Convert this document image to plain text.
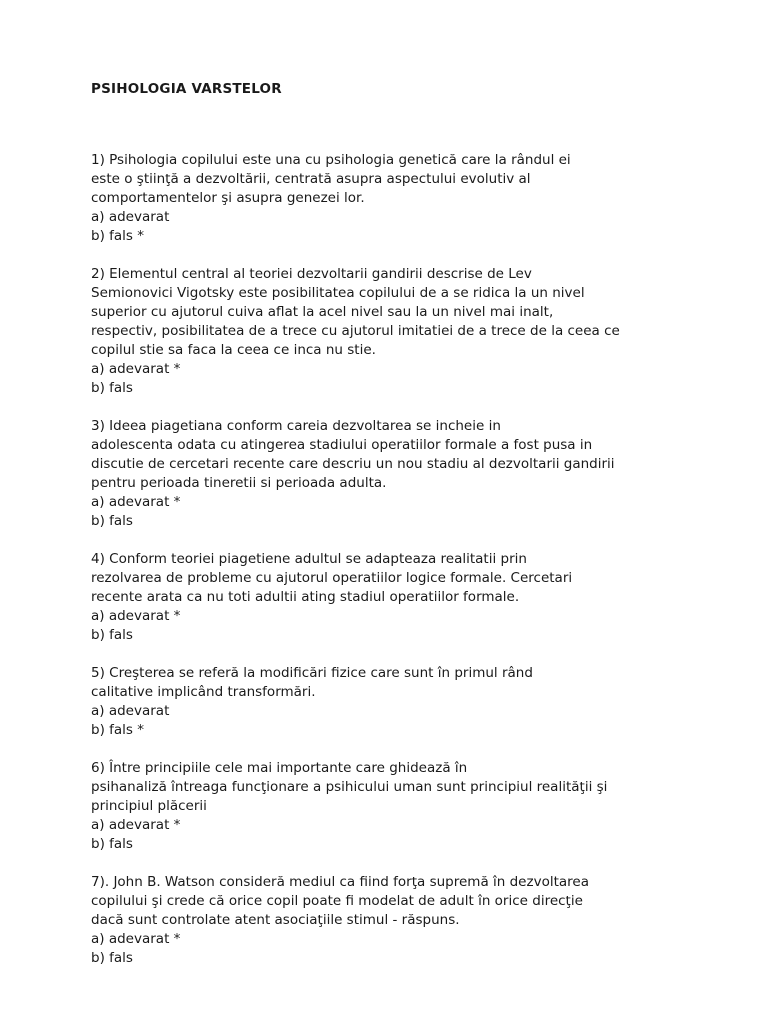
PSIHOLOGIA VARSTELOR
1) Psihologia copilului este una cu psihologia genetică care la rândul ei
este o ştiinţă a dezvoltării, centrată asupra aspectului evolutiv al
comportamentelor şi asupra genezei lor.
a) adevarat
b) fals *
2) Elementul central al teoriei dezvoltarii gandirii descrise de Lev
Semionovici Vigotsky este posibilitatea copilului de a se ridica la un nivel
superior cu ajutorul cuiva aflat la acel nivel sau la un nivel mai inalt,
respectiv, posibilitatea de a trece cu ajutorul imitatiei de a trece de la ceea ce
copilul stie sa faca la ceea ce inca nu stie.
a) adevarat *
b) fals
3) Ideea piagetiana conform careia dezvoltarea se incheie in
adolescenta odata cu atingerea stadiului operatiilor formale a fost pusa in
discutie de cercetari recente care descriu un nou stadiu al dezvoltarii gandirii
pentru perioada tineretii si perioada adulta.
a) adevarat *
b) fals
4) Conform teoriei piagetiene adultul se adapteaza realitatii prin
rezolvarea de probleme cu ajutorul operatiilor logice formale. Cercetari
recente arata ca nu toti adultii ating stadiul operatiilor formale.
a) adevarat *
b) fals
5) Creşterea se referă la modificări fizice care sunt în primul rând
calitative implicând transformări.
a) adevarat
b) fals *
6) Între principiile cele mai importante care ghidează în
psihanaliză întreaga funcţionare a psihicului uman sunt principiul realităţii şi
principiul plăcerii
a) adevarat *
b) fals
7). John B. Watson consideră mediul ca fiind forţa supremă în dezvoltarea
copilului şi crede că orice copil poate fi modelat de adult în orice direcţie
dacă sunt controlate atent asociaţiile stimul - răspuns.
a) adevarat *
b) fals
